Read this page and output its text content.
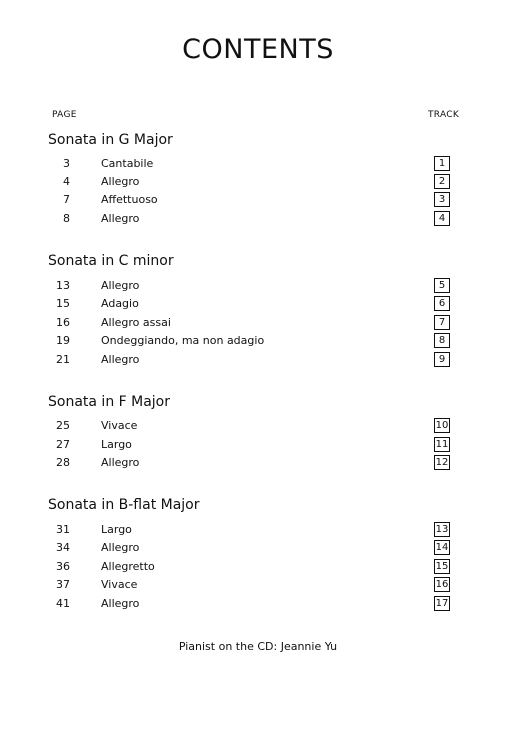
CONTENTS
PAGE	TRACK
Sonata in G Major
3	Cantabile	1
4	Allegro	2
7	Affettuoso	3
8	Allegro	4
Sonata in C minor
13	Allegro	5
15	Adagio	6
16	Allegro assai	7
19	Ondeggiando, ma non adagio	8
21	Allegro	9
Sonata in F Major
25	Vivace	10
27	Largo	11
28	Allegro	12
Sonata in B-flat Major
31	Largo	13
34	Allegro	14
36	Allegretto	15
37	Vivace	16
41	Allegro	17
Pianist on the CD: Jeannie Yu
